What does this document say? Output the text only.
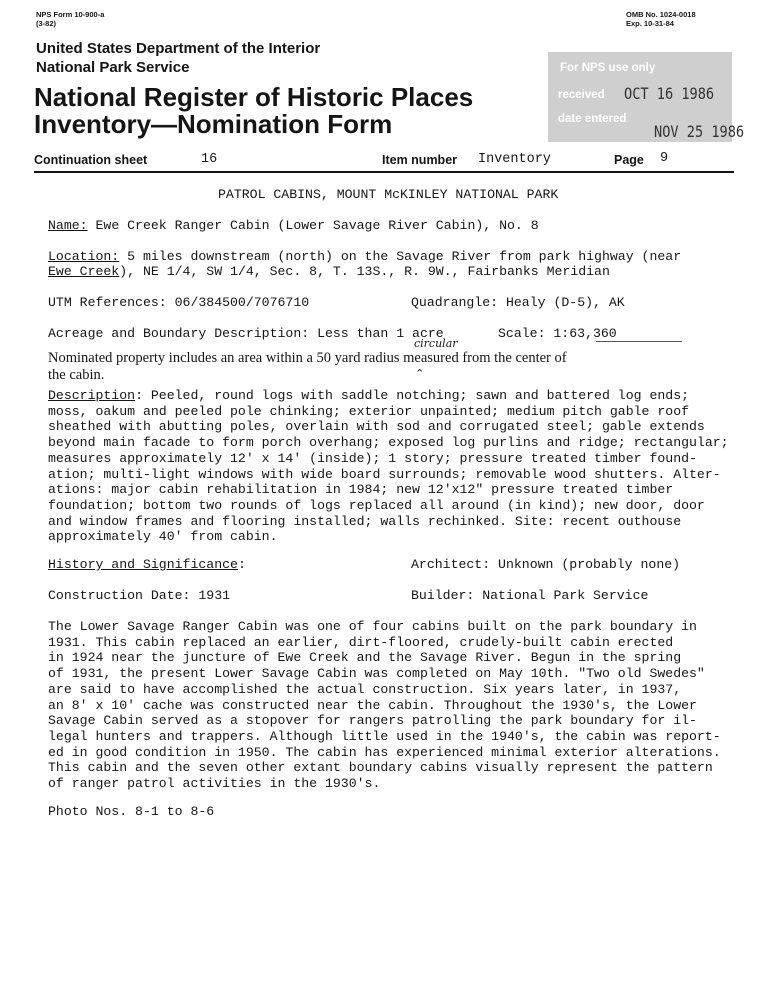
NPS Form 10-900-a
(3-82)
OMB No. 1024-0018
Exp. 10-31-84
United States Department of the Interior
National Park Service
National Register of Historic Places
Inventory—Nomination Form
For NPS use only
received OCT 16 1986
date entered
NOV 25 1986
Continuation sheet	16	Item number Inventory	Page 9
PATROL CABINS, MOUNT McKINLEY NATIONAL PARK
Name: Ewe Creek Ranger Cabin (Lower Savage River Cabin), No. 8
Location: 5 miles downstream (north) on the Savage River from park highway (near
Ewe Creek), NE 1/4, SW 1/4, Sec. 8, T. 13S., R. 9W., Fairbanks Meridian
UTM References: 06/384500/7076710	Quadrangle: Healy (D-5), AK
Acreage and Boundary Description: Less than 1 acre	Scale: 1:63,360
circular
Nominated property includes an area within a 50 yard radius measured from the center of
the cabin.	⌃
Description: Peeled, round logs with saddle notching; sawn and battered log ends;
moss, oakum and peeled pole chinking; exterior unpainted; medium pitch gable roof
sheathed with abutting poles, overlain with sod and corrugated steel; gable extends
beyond main facade to form porch overhang; exposed log purlins and ridge; rectangular;
measures approximately 12' x 14' (inside); 1 story; pressure treated timber found-
ation; multi-light windows with wide board surrounds; removable wood shutters. Alter-
ations: major cabin rehabilitation in 1984; new 12'x12" pressure treated timber
foundation; bottom two rounds of logs replaced all around (in kind); new door, door
and window frames and flooring installed; walls rechinked. Site: recent outhouse
approximately 40' from cabin.
History and Significance:	Architect: Unknown (probably none)
Construction Date: 1931	Builder: National Park Service
The Lower Savage Ranger Cabin was one of four cabins built on the park boundary in
1931. This cabin replaced an earlier, dirt-floored, crudely-built cabin erected
in 1924 near the juncture of Ewe Creek and the Savage River. Begun in the spring
of 1931, the present Lower Savage Cabin was completed on May 10th. "Two old Swedes"
are said to have accomplished the actual construction. Six years later, in 1937,
an 8' x 10' cache was constructed near the cabin. Throughout the 1930's, the Lower
Savage Cabin served as a stopover for rangers patrolling the park boundary for il-
legal hunters and trappers. Although little used in the 1940's, the cabin was report-
ed in good condition in 1950. The cabin has experienced minimal exterior alterations.
This cabin and the seven other extant boundary cabins visually represent the pattern
of ranger patrol activities in the 1930's.
Photo Nos. 8-1 to 8-6
